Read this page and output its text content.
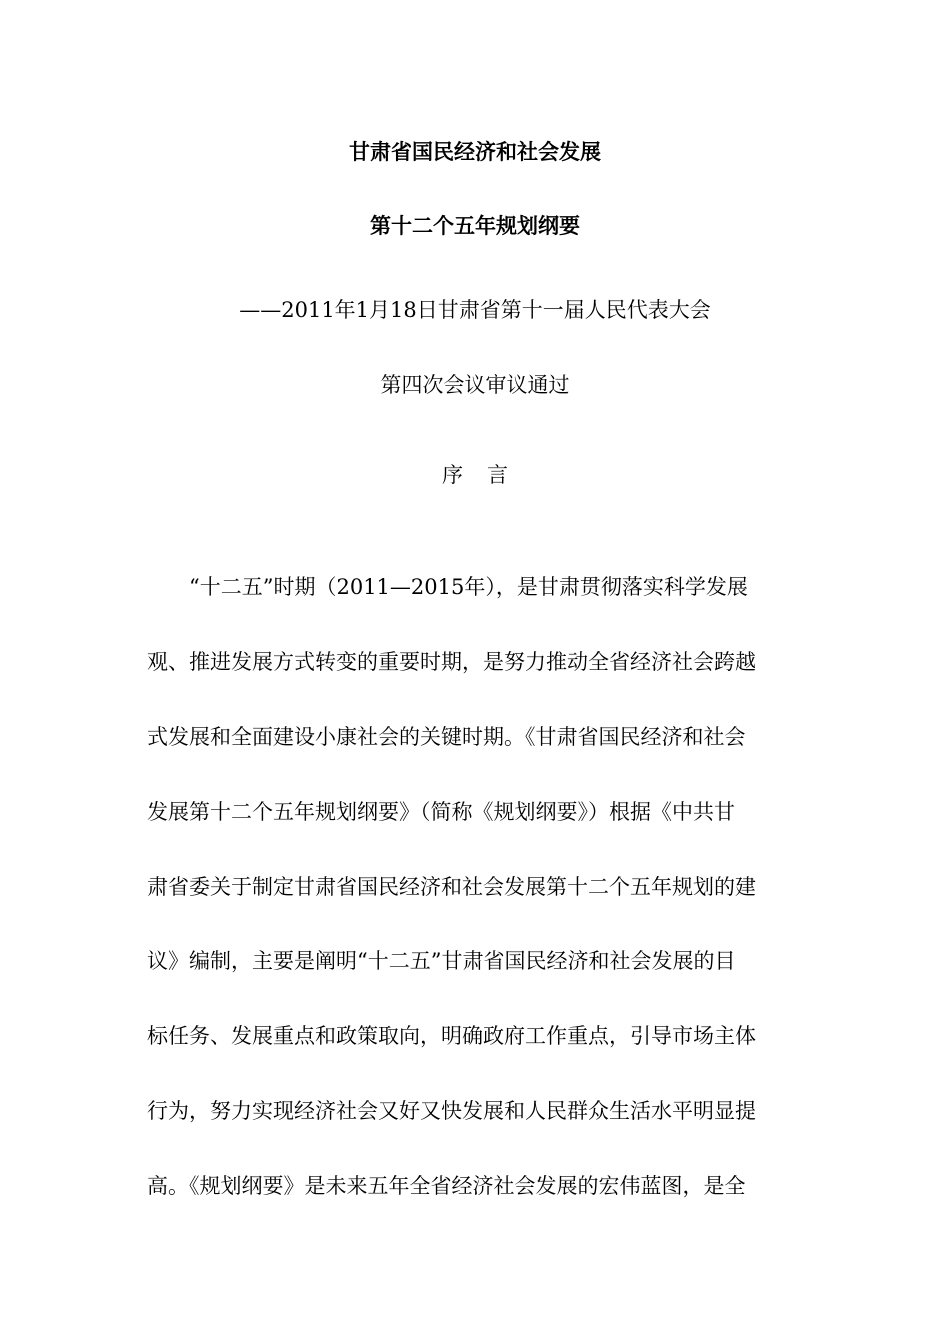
甘肃省国民经济和社会发展
第十二个五年规划纲要
——2011年1月18日甘肃省第十一届人民代表大会
第四次会议审议通过
序言
“十二五”时期（2011—2015年），是甘肃贯彻落实科学发展
观、推进发展方式转变的重要时期，是努力推动全省经济社会跨越
式发展和全面建设小康社会的关键时期。《甘肃省国民经济和社会
发展第十二个五年规划纲要》（简称《规划纲要》）根据《中共甘
肃省委关于制定甘肃省国民经济和社会发展第十二个五年规划的建
议》编制，主要是阐明“十二五”甘肃省国民经济和社会发展的目
标任务、发展重点和政策取向，明确政府工作重点，引导市场主体
行为，努力实现经济社会又好又快发展和人民群众生活水平明显提
高。《规划纲要》是未来五年全省经济社会发展的宏伟蓝图，是全
